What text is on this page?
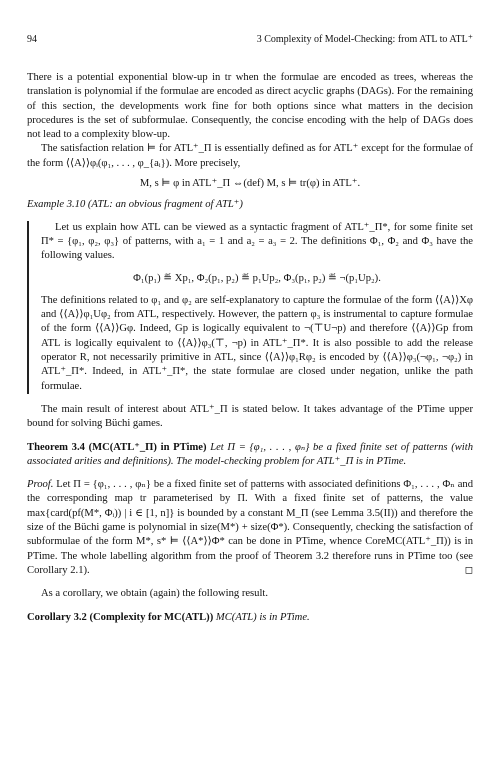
94	3 Complexity of Model-Checking: from ATL to ATL⁺

There is a potential exponential blow-up in tr when the formulae are encoded as trees, whereas the translation is polynomial if the formulae are encoded as direct acyclic graphs (DAGs). For the remaining of this section, the developments work fine for both options since what matters in the decision procedures is the set of subformulae. Consequently, the concise encoding with the help of DAGs does not lead to a complexity blow-up.

The satisfaction relation ⊨ for ATL⁺_Π is essentially defined as for ATL⁺ except for the formulae of the form ⟨⟨A⟩⟩φᵢ(φ₁, . . . , φ_{aᵢ}). More precisely,

M, s ⊨ φ in ATL⁺_Π ⇔(def) M, s ⊨ tr(φ) in ATL⁺.

Example 3.10 (ATL: an obvious fragment of ATL⁺)

Let us explain how ATL can be viewed as a syntactic fragment of ATL⁺_Π*, for some finite set Π* = {φ₁, φ₂, φ₃} of patterns, with a₁ = 1 and a₂ = a₃ = 2. The definitions Φ₁, Φ₂ and Φ₃ have the following values.

Φ₁(p₁) ≝ Xp₁, Φ₂(p₁, p₂) ≝ p₁Up₂, Φ₃(p₁, p₂) ≝ ¬(p₁Up₂).

The definitions related to φ₁ and φ₂ are self-explanatory to capture the formulae of the form ⟨⟨A⟩⟩Xφ and ⟨⟨A⟩⟩φ₁Uφ₂ from ATL, respectively. However, the pattern φ₃ is instrumental to capture formulae of the form ⟨⟨A⟩⟩Gφ. Indeed, Gp is logically equivalent to ¬(⊤U¬p) and therefore ⟨⟨A⟩⟩Gp from ATL is logically equivalent to ⟨⟨A⟩⟩φ₃(⊤, ¬p) in ATL⁺_Π*. It is also possible to add the release operator R, not necessarily primitive in ATL, since ⟨⟨A⟩⟩φ₁Rφ₂ is encoded by ⟨⟨A⟩⟩φ₃(¬φ₁, ¬φ₂) in ATL⁺_Π*. Indeed, in ATL⁺_Π*, the state formulae are closed under negation, unlike the path formulae.

The main result of interest about ATL⁺_Π is stated below. It takes advantage of the PTime upper bound for solving Büchi games.

Theorem 3.4 (MC(ATL⁺_Π) in PTime) Let Π = {φ₁, . . . , φₙ} be a fixed finite set of patterns (with associated arities and definitions). The model-checking problem for ATL⁺_Π is in PTime.

Proof. Let Π = {φ₁, . . . , φₙ} be a fixed finite set of patterns with associated definitions Φ₁, . . . , Φₙ and the corresponding map tr parameterised by Π. With a fixed finite set of patterns, the value max{card(pf(M*, Φᵢ)) | i ∈ [1, n]} is bounded by a constant M_Π (see Lemma 3.5(II)) and therefore the size of the Büchi game is polynomial in size(M*) + size(Φ*). Consequently, checking the satisfaction of subformulae of the form M*, s* ⊨ ⟨⟨A*⟩⟩Φ* can be done in PTime, whence CoreMC(ATL⁺_Π)) is in PTime. The whole labelling algorithm from the proof of Theorem 3.2 therefore runs in PTime too (see Corollary 2.1).	◻

As a corollary, we obtain (again) the following result.

Corollary 3.2 (Complexity for MC(ATL)) MC(ATL) is in PTime.
